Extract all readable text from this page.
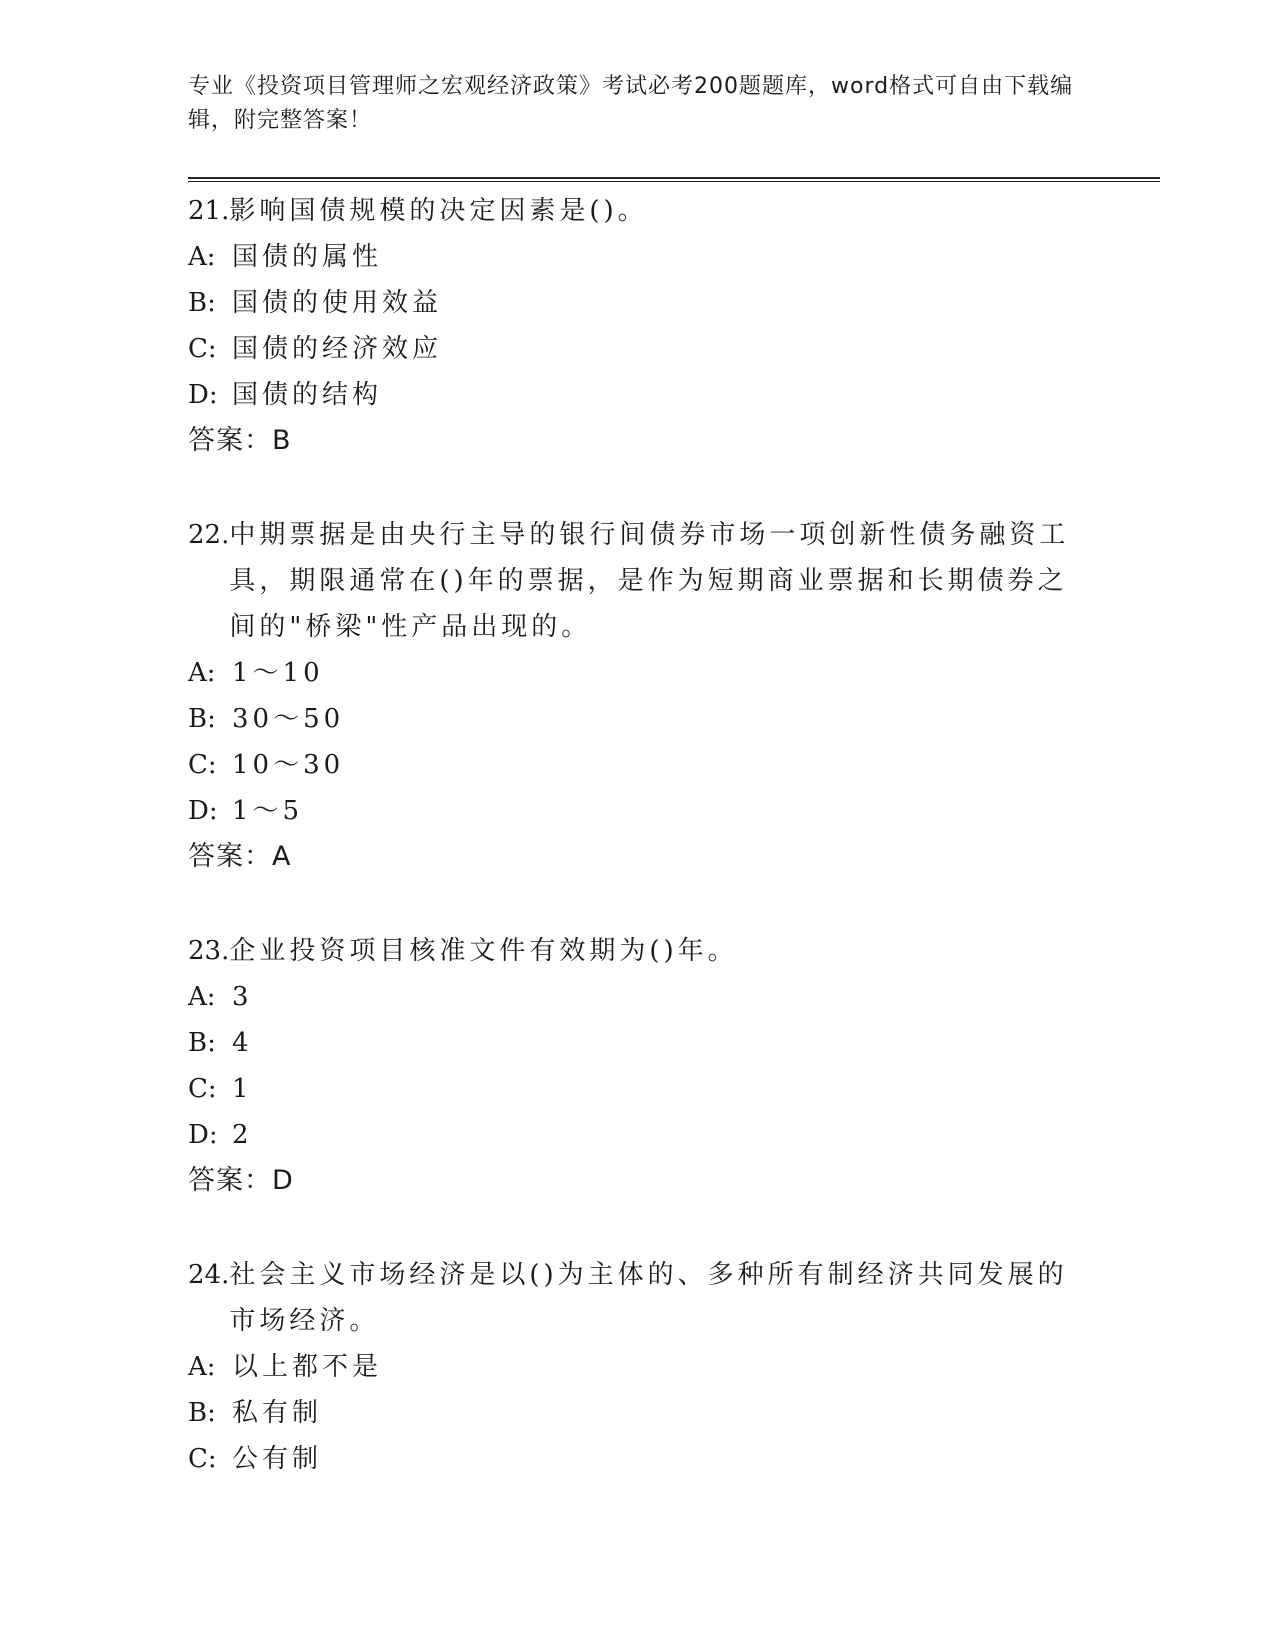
专业《投资项目管理师之宏观经济政策》考试必考200题题库，word格式可自由下载编辑，附完整答案！
21. 影响国债规模的决定因素是()。
A: 国债的属性
B: 国债的使用效益
C: 国债的经济效应
D: 国债的结构
答案：B
22. 中期票据是由央行主导的银行间债券市场一项创新性债务融资工具，期限通常在()年的票据，是作为短期商业票据和长期债券之间的"桥梁"性产品出现的。
A: 1～10
B: 30～50
C: 10～30
D: 1～5
答案：A
23. 企业投资项目核准文件有效期为()年。
A: 3
B: 4
C: 1
D: 2
答案：D
24. 社会主义市场经济是以()为主体的、多种所有制经济共同发展的市场经济。
A: 以上都不是
B: 私有制
C: 公有制
